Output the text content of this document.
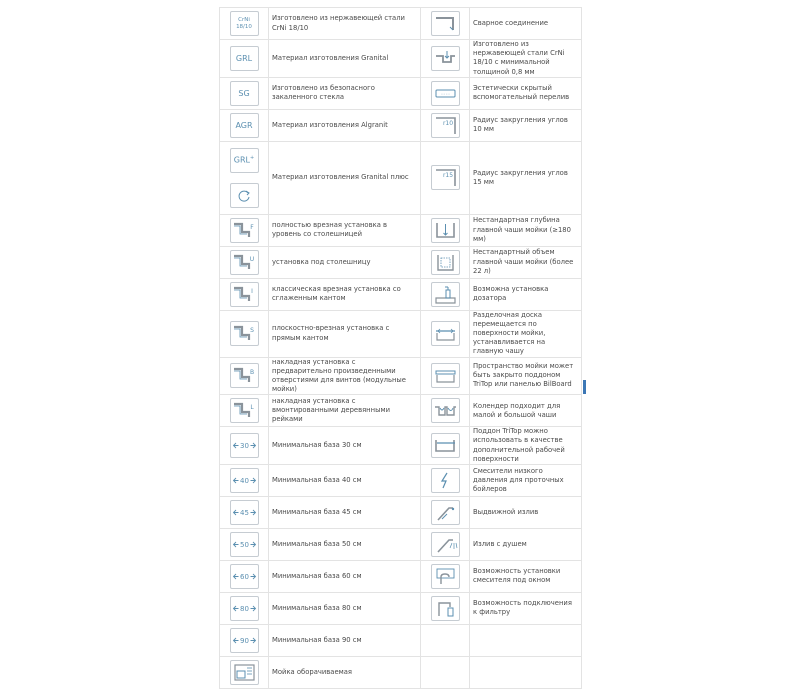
CrNi 18/10	Изготовлено из нержавеющей стали CrNi 18/10		Сварное соединение

GRL	Материал изготовления Granital		Изготовлено из нержавеющей стали CrNi 18/10 с минимальной толщиной 0,8 мм

SG	Изготовлено из безопасного закаленного стекла	◦◦◦◦	Эстетически скрытый вспомогательный перелив

AGR	Материал изготовления Algranit	r10	Радиус закругления углов 10 мм

GRL+	Материал изготовления Granital плюс	r15	Радиус закругления углов 15 мм

F	полностью врезная установка в уровень со столешницей		Нестандартная глубина главной чаши мойки (≥180 мм)

U	установка под столешницу		Нестандартный объем главной чаши мойки (более 22 л)

I	классическая врезная установка со сглаженным кантом		Возможна установка дозатора

S	плоскостно-врезная установка с прямым кантом		Разделочная доска перемещается по поверхности мойки, устанавливается на главную чашу

B	накладная установка с предварительно произведенными отверстиями для винтов (модульные мойки)		Пространство мойки может быть закрыто поддоном TriTop или панелью BilBoard

L	накладная установка с вмонтированными деревянными рейками		Колендер подходит для малой и большой чаши

30	Минимальная база 30 см		Поддон TriTop можно использовать в качестве дополнительной рабочей поверхности

40	Минимальная база 40 см		Смесители низкого давления для проточных бойлеров

45	Минимальная база 45 см		Выдвижной излив

50	Минимальная база 50 см		Излив с душем

60	Минимальная база 60 см		Возможность установки смесителя под окном

80	Минимальная база 80 см		Возможность подключения к фильтру

90	Минимальная база 90 см		

Мойка оборачиваемая		
